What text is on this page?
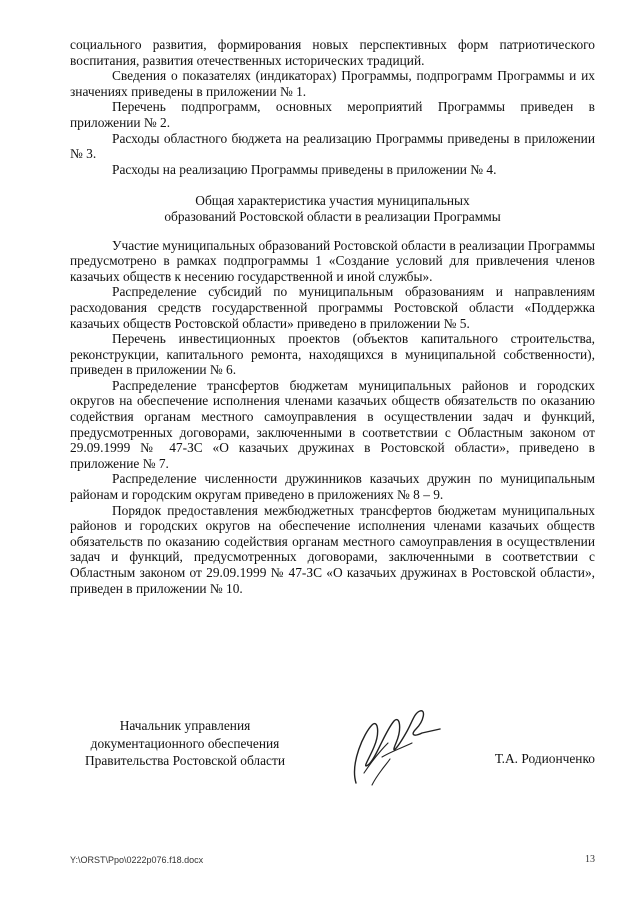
социального развития, формирования новых перспективных форм патриотического воспитания, развития отечественных исторических традиций.

Сведения о показателях (индикаторах) Программы, подпрограмм Программы и их значениях приведены в приложении № 1.

Перечень подпрограмм, основных мероприятий Программы приведен в приложении № 2.

Расходы областного бюджета на реализацию Программы приведены в приложении № 3.

Расходы на реализацию Программы приведены в приложении № 4.

Общая характеристика участия муниципальных
образований Ростовской области в реализации Программы

Участие муниципальных образований Ростовской области в реализации Программы предусмотрено в рамках подпрограммы 1 «Создание условий для привлечения членов казачьих обществ к несению государственной и иной службы».

Распределение субсидий по муниципальным образованиям и направлениям расходования средств государственной программы Ростовской области «Поддержка казачьих обществ Ростовской области» приведено в приложении № 5.

Перечень инвестиционных проектов (объектов капитального строительства, реконструкции, капитального ремонта, находящихся в муниципальной собственности), приведен в приложении № 6.

Распределение трансфертов бюджетам муниципальных районов и городских округов на обеспечение исполнения членами казачьих обществ обязательств по оказанию содействия органам местного самоуправления в осуществлении задач и функций, предусмотренных договорами, заключенными в соответствии с Областным законом от 29.09.1999 № 47-ЗС «О казачьих дружинах в Ростовской области», приведено в приложение № 7.

Распределение численности дружинников казачьих дружин по муниципальным районам и городским округам приведено в приложениях № 8 – 9.

Порядок предоставления межбюджетных трансфертов бюджетам муниципальных районов и городских округов на обеспечение исполнения членами казачьих обществ обязательств по оказанию содействия органам местного самоуправления в осуществлении задач и функций, предусмотренных договорами, заключенными в соответствии с Областным законом от 29.09.1999 № 47-ЗС «О казачьих дружинах в Ростовской области», приведен в приложении № 10.

Начальник управления
документационного обеспечения
Правительства Ростовской области	Т.А. Родионченко
Y:\ORST\Ppo\0222p076.f18.docx	13
